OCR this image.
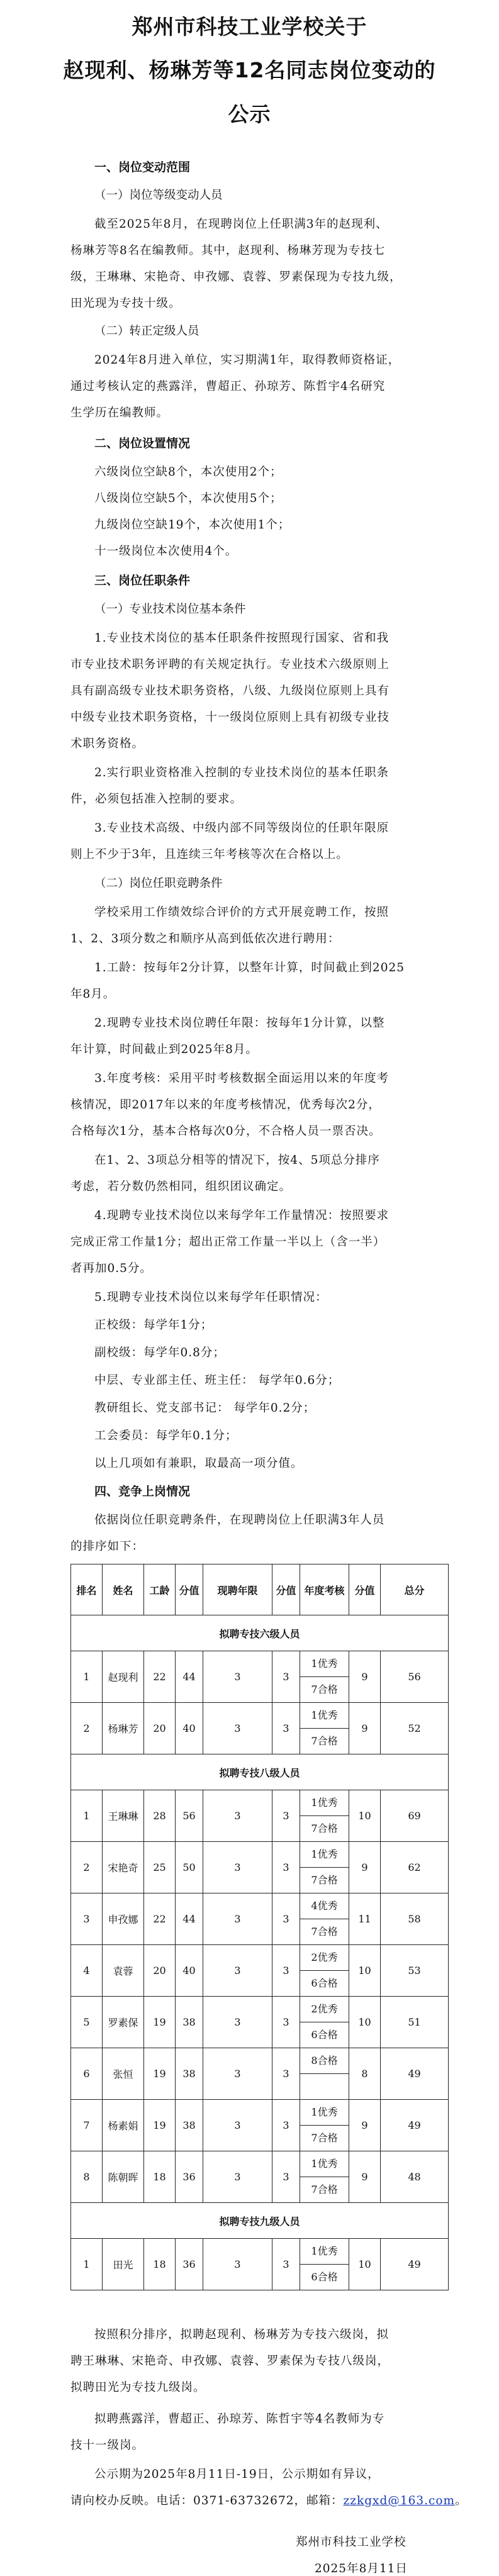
郑州市科技工业学校关于
赵现利、杨琳芳等12名同志岗位变动的
公示
一、岗位变动范围
（一）岗位等级变动人员
截至2025年8月，在现聘岗位上任职满3年的赵现利、
杨琳芳等8名在编教师。其中，赵现利、杨琳芳现为专技七
级，王琳琳、宋艳奇、申孜娜、袁蓉、罗素保现为专技九级，
田光现为专技十级。
（二）转正定级人员
2024年8月进入单位，实习期满1年，取得教师资格证，
通过考核认定的燕露洋，曹超正、孙琼芳、陈哲宇4名研究
生学历在编教师。
二、岗位设置情况
六级岗位空缺8个，本次使用2个；
八级岗位空缺5个，本次使用5个；
九级岗位空缺19个，本次使用1个；
十一级岗位本次使用4个。
三、岗位任职条件
（一）专业技术岗位基本条件
1.专业技术岗位的基本任职条件按照现行国家、省和我
市专业技术职务评聘的有关规定执行。专业技术六级原则上
具有副高级专业技术职务资格，八级、九级岗位原则上具有
中级专业技术职务资格，十一级岗位原则上具有初级专业技
术职务资格。
2.实行职业资格准入控制的专业技术岗位的基本任职条
件，必须包括准入控制的要求。
3.专业技术高级、中级内部不同等级岗位的任职年限原
则上不少于3年，且连续三年考核等次在合格以上。
（二）岗位任职竞聘条件
学校采用工作绩效综合评价的方式开展竞聘工作，按照
1、2、3项分数之和顺序从高到低依次进行聘用：
1.工龄：按每年2分计算，以整年计算，时间截止到2025
年8月。
2.现聘专业技术岗位聘任年限：按每年1分计算，以整
年计算，时间截止到2025年8月。
3.年度考核：采用平时考核数据全面运用以来的年度考
核情况，即2017年以来的年度考核情况，优秀每次2分，
合格每次1分，基本合格每次0分，不合格人员一票否决。
在1、2、3项总分相等的情况下，按4、5项总分排序
考虑，若分数仍然相同，组织团议确定。
4.现聘专业技术岗位以来每学年工作量情况：按照要求
完成正常工作量1分；超出正常工作量一半以上（含一半）
者再加0.5分。
5.现聘专业技术岗位以来每学年任职情况：
正校级：每学年1分；
副校级：每学年0.8分；
中层、专业部主任、班主任： 每学年0.6分；
教研组长、党支部书记： 每学年0.2分；
工会委员：每学年0.1分；
以上几项如有兼职，取最高一项分值。
四、竞争上岗情况
依据岗位任职竞聘条件，在现聘岗位上任职满3年人员
的排序如下：
排名	姓名	工龄	分值	现聘年限	分值	年度考核	分值	总分
拟聘专技六级人员								
1	赵现利	22	44	3	3	1优秀
7合格	9	56
2	杨琳芳	20	40	3	3	1优秀
7合格	9	52
拟聘专技八级人员								
1	王琳琳	28	56	3	3	1优秀
7合格	10	69
2	宋艳奇	25	50	3	3	1优秀
7合格	9	62
3	申孜娜	22	44	3	3	4优秀
7合格	11	58
4	袁蓉	20	40	3	3	2优秀
6合格	10	53
5	罗素保	19	38	3	3	2优秀
6合格	10	51
6	张恒	19	38	3	3	8合格	8	49
7	杨素娟	19	38	3	3	1优秀
7合格	9	49
8	陈朝晖	18	36	3	3	1优秀
7合格	9	48
拟聘专技九级人员								
1	田光	18	36	3	3	1优秀
6合格	10	49
按照积分排序，拟聘赵现利、杨琳芳为专技六级岗，拟
聘王琳琳、宋艳奇、申孜娜、袁蓉、罗素保为专技八级岗，
拟聘田光为专技九级岗。
拟聘燕露洋，曹超正、孙琼芳、陈哲宇等4名教师为专
技十一级岗。
公示期为2025年8月11日-19日，公示期如有异议，
请向校办反映。电话：0371-63732672，邮箱：zzkgxd@163.com。
郑州市科技工业学校
2025年8月11日
